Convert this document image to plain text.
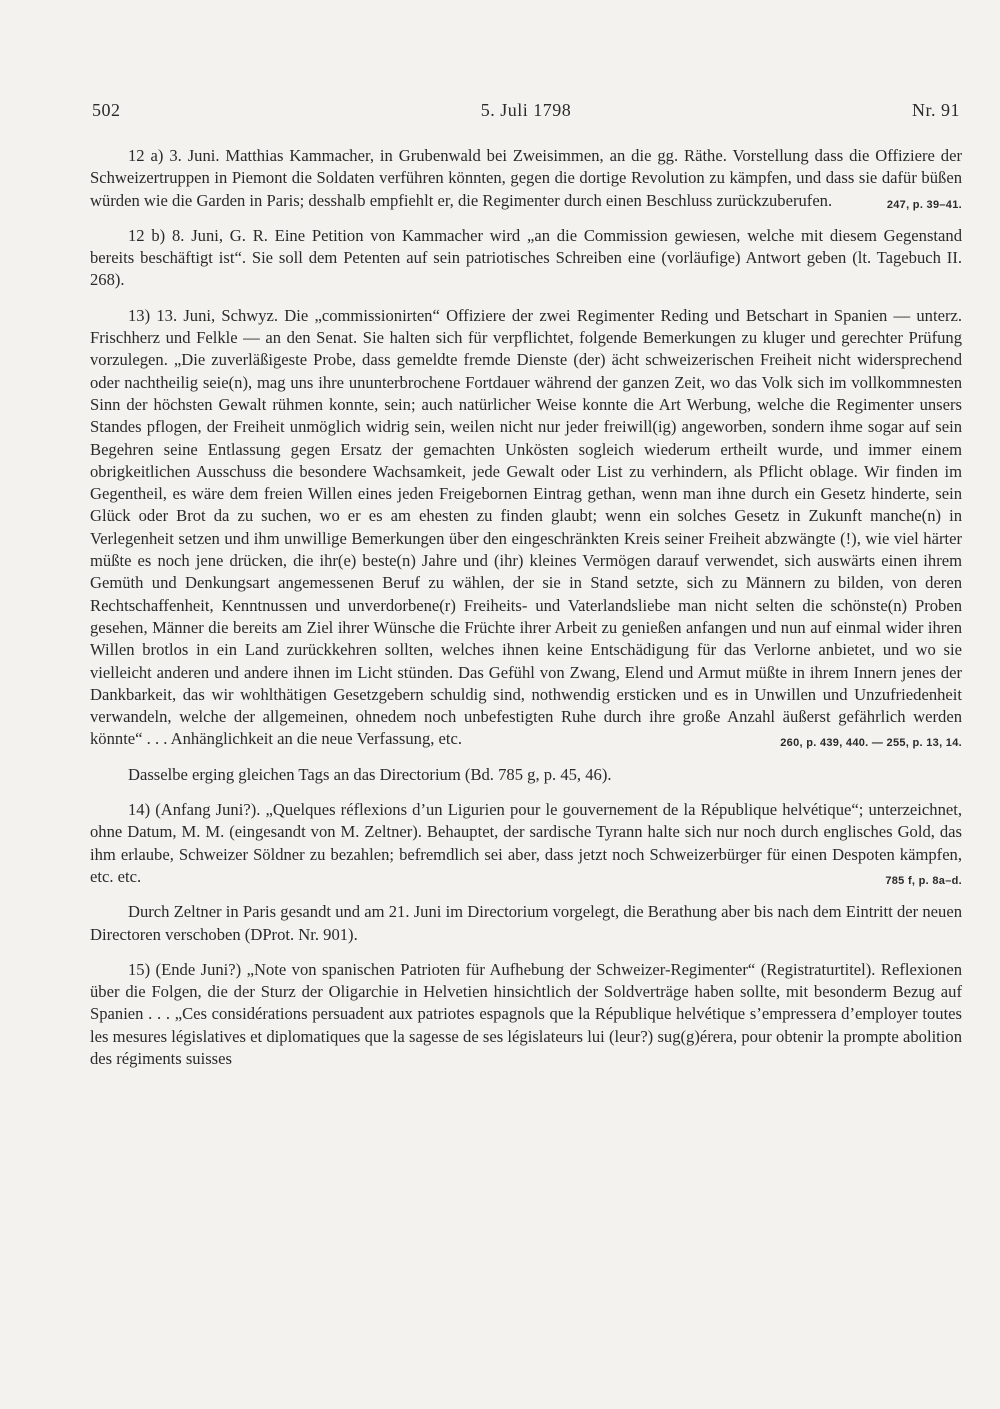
502	5. Juli 1798	Nr. 91

12 a) 3. Juni. Matthias Kammacher, in Grubenwald bei Zweisimmen, an die gg. Räthe. Vorstellung dass die Offiziere der Schweizertruppen in Piemont die Soldaten verführen könnten, gegen die dortige Revolution zu kämpfen, und dass sie dafür büßen würden wie die Garden in Paris; desshalb empfiehlt er, die Regimenter durch einen Beschluss zurückzuberufen.	247, p. 39–41.

12 b) 8. Juni, G. R. Eine Petition von Kammacher wird „an die Commission gewiesen, welche mit diesem Gegenstand bereits beschäftigt ist“. Sie soll dem Petenten auf sein patriotisches Schreiben eine (vorläufige) Antwort geben (lt. Tagebuch II. 268).

13) 13. Juni, Schwyz. Die „commissionirten“ Offiziere der zwei Regimenter Reding und Betschart in Spanien — unterz. Frischherz und Felkle — an den Senat. Sie halten sich für verpflichtet, folgende Bemerkungen zu kluger und gerechter Prüfung vorzulegen. „Die zuverläßigeste Probe, dass gemeldte fremde Dienste (der) ächt schweizerischen Freiheit nicht widersprechend oder nachtheilig seie(n), mag uns ihre ununterbrochene Fortdauer während der ganzen Zeit, wo das Volk sich im vollkommnesten Sinn der höchsten Gewalt rühmen konnte, sein; auch natürlicher Weise konnte die Art Werbung, welche die Regimenter unsers Standes pflogen, der Freiheit unmöglich widrig sein, weilen nicht nur jeder freiwill(ig) angeworben, sondern ihme sogar auf sein Begehren seine Entlassung gegen Ersatz der gemachten Unkösten sogleich wiederum ertheilt wurde, und immer einem obrigkeitlichen Ausschuss die besondere Wachsamkeit, jede Gewalt oder List zu verhindern, als Pflicht oblage. Wir finden im Gegentheil, es wäre dem freien Willen eines jeden Freigebornen Eintrag gethan, wenn man ihne durch ein Gesetz hinderte, sein Glück oder Brot da zu suchen, wo er es am ehesten zu finden glaubt; wenn ein solches Gesetz in Zukunft manche(n) in Verlegenheit setzen und ihm unwillige Bemerkungen über den eingeschränkten Kreis seiner Freiheit abzwängte (!), wie viel härter müßte es noch jene drücken, die ihr(e) beste(n) Jahre und (ihr) kleines Vermögen darauf verwendet, sich auswärts einen ihrem Gemüth und Denkungsart angemessenen Beruf zu wählen, der sie in Stand setzte, sich zu Männern zu bilden, von deren Rechtschaffenheit, Kenntnussen und unverdorbene(r) Freiheits- und Vaterlandsliebe man nicht selten die schönste(n) Proben gesehen, Männer die bereits am Ziel ihrer Wünsche die Früchte ihrer Arbeit zu genießen anfangen und nun auf einmal wider ihren Willen brotlos in ein Land zurückkehren sollten, welches ihnen keine Entschädigung für das Verlorne anbietet, und wo sie vielleicht anderen und andere ihnen im Licht stünden. Das Gefühl von Zwang, Elend und Armut müßte in ihrem Innern jenes der Dankbarkeit, das wir wohlthätigen Gesetzgebern schuldig sind, nothwendig ersticken und es in Unwillen und Unzufriedenheit verwandeln, welche der allgemeinen, ohnedem noch unbefestigten Ruhe durch ihre große Anzahl äußerst gefährlich werden könnte“ . . . Anhänglichkeit an die neue Verfassung, etc.	260, p. 439, 440. — 255, p. 13, 14.

Dasselbe erging gleichen Tags an das Directorium (Bd. 785 g, p. 45, 46).

14) (Anfang Juni?). „Quelques réflexions d’un Ligurien pour le gouvernement de la République helvétique“; unterzeichnet, ohne Datum, M. M. (eingesandt von M. Zeltner). Behauptet, der sardische Tyrann halte sich nur noch durch englisches Gold, das ihm erlaube, Schweizer Söldner zu bezahlen; befremdlich sei aber, dass jetzt noch Schweizerbürger für einen Despoten kämpfen, etc. etc.	785 f, p. 8a–d.

Durch Zeltner in Paris gesandt und am 21. Juni im Directorium vorgelegt, die Berathung aber bis nach dem Eintritt der neuen Directoren verschoben (DProt. Nr. 901).

15) (Ende Juni?) „Note von spanischen Patrioten für Aufhebung der Schweizer-Regimenter“ (Registraturtitel). Reflexionen über die Folgen, die der Sturz der Oligarchie in Helvetien hinsichtlich der Soldverträge haben sollte, mit besonderm Bezug auf Spanien . . . „Ces considérations persuadent aux patriotes espagnols que la République helvétique s’empressera d’employer toutes les mesures législatives et diplomatiques que la sagesse de ses législateurs lui (leur?) sug(g)érera, pour obtenir la prompte abolition des régiments suisses
